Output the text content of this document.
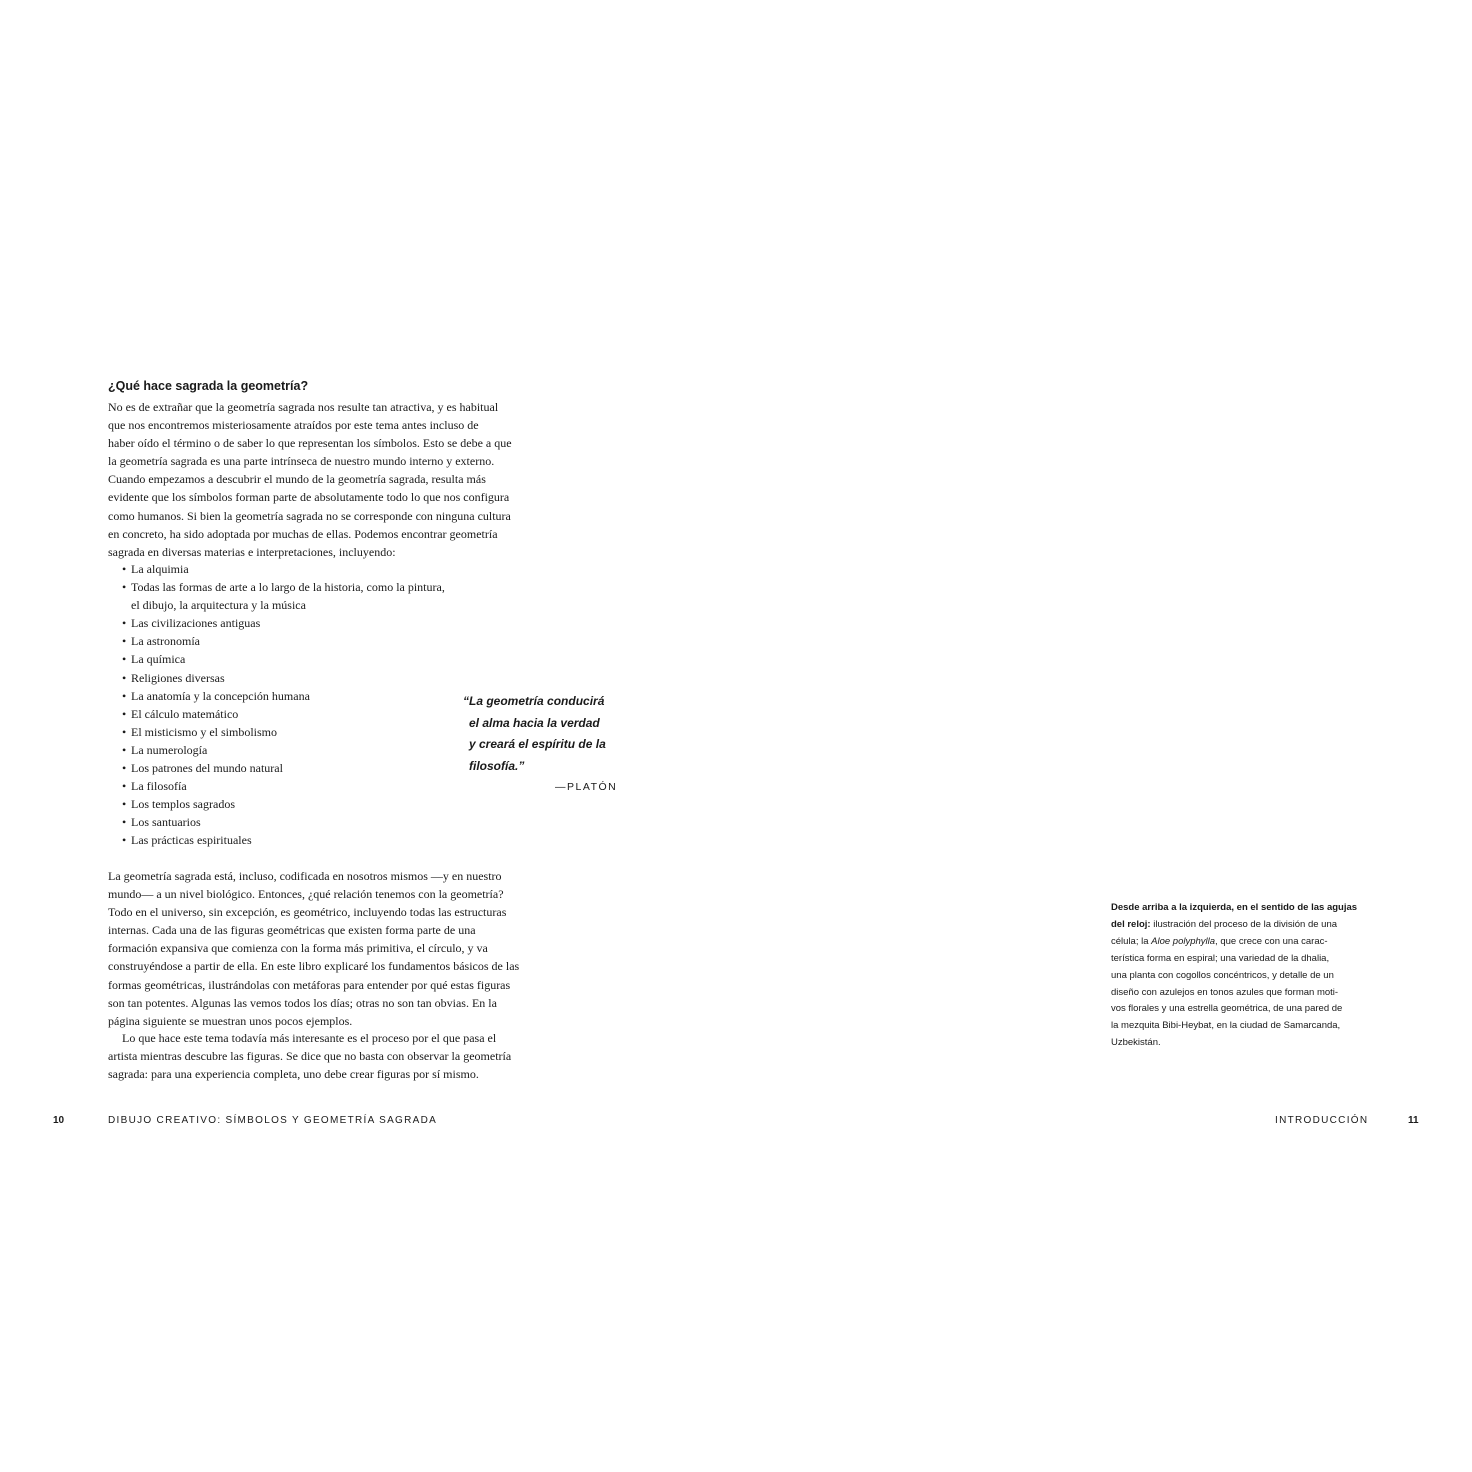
¿Qué hace sagrada la geometría?

No es de extrañar que la geometría sagrada nos resulte tan atractiva, y es habitual
que nos encontremos misteriosamente atraídos por este tema antes incluso de
haber oído el término o de saber lo que representan los símbolos. Esto se debe a que
la geometría sagrada es una parte intrínseca de nuestro mundo interno y externo.
Cuando empezamos a descubrir el mundo de la geometría sagrada, resulta más
evidente que los símbolos forman parte de absolutamente todo lo que nos configura
como humanos. Si bien la geometría sagrada no se corresponde con ninguna cultura
en concreto, ha sido adoptada por muchas de ellas. Podemos encontrar geometría
sagrada en diversas materias e interpretaciones, incluyendo:

• La alquimia
• Todas las formas de arte a lo largo de la historia, como la pintura,
el dibujo, la arquitectura y la música
• Las civilizaciones antiguas
• La astronomía
• La química
• Religiones diversas
• La anatomía y la concepción humana
• El cálculo matemático
• El misticismo y el simbolismo
• La numerología
• Los patrones del mundo natural
• La filosofía
• Los templos sagrados
• Los santuarios
• Las prácticas espirituales

La geometría sagrada está, incluso, codificada en nosotros mismos —y en nuestro
mundo— a un nivel biológico. Entonces, ¿qué relación tenemos con la geometría?
Todo en el universo, sin excepción, es geométrico, incluyendo todas las estructuras
internas. Cada una de las figuras geométricas que existen forma parte de una
formación expansiva que comienza con la forma más primitiva, el círculo, y va
construyéndose a partir de ella. En este libro explicaré los fundamentos básicos de las
formas geométricas, ilustrándolas con metáforas para entender por qué estas figuras
son tan potentes. Algunas las vemos todos los días; otras no son tan obvias. En la
página siguiente se muestran unos pocos ejemplos.

Lo que hace este tema todavía más interesante es el proceso por el que pasa el
artista mientras descubre las figuras. Se dice que no basta con observar la geometría
sagrada: para una experiencia completa, uno debe crear figuras por sí mismo.

“La geometría conducirá
el alma hacia la verdad
y creará el espíritu de la
filosofía.”

—PLATÓN

Desde arriba a la izquierda, en el sentido de las agujas
del reloj: ilustración del proceso de la división de una
célula; la Aloe polyphylla, que crece con una carac-
terística forma en espiral; una variedad de la dhalia,
una planta con cogollos concéntricos, y detalle de un
diseño con azulejos en tonos azules que forman moti-
vos florales y una estrella geométrica, de una pared de
la mezquita Bibi-Heybat, en la ciudad de Samarcanda,
Uzbekistán.

10	DIBUJO CREATIVO: SÍMBOLOS Y GEOMETRÍA SAGRADA	INTRODUCCIÓN	11
